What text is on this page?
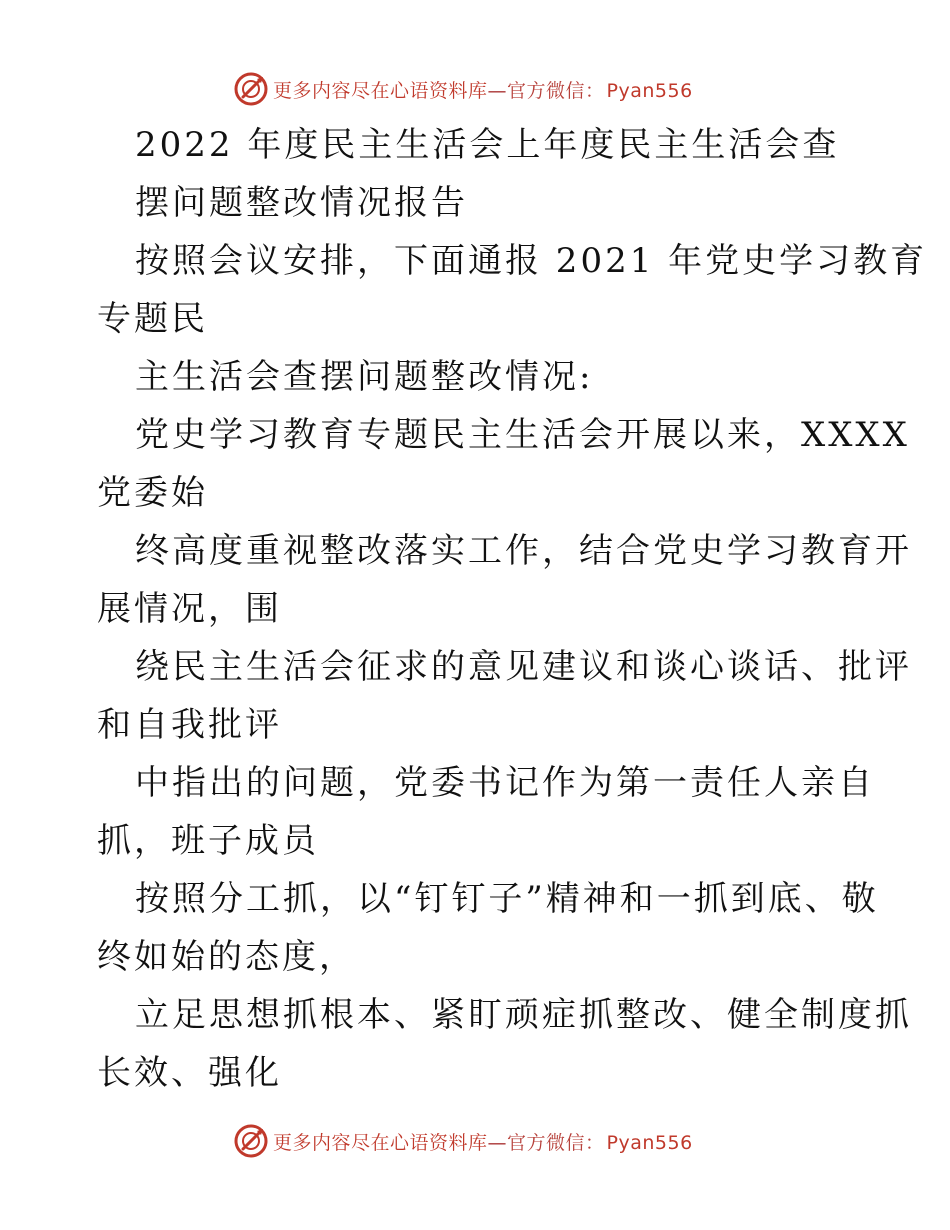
更多内容尽在心语资料库—官方微信： Pyan556
2022 年度民主生活会上年度民主生活会查
摆问题整改情况报告
按照会议安排，下面通报 2021 年党史学习教育
专题民
主生活会查摆问题整改情况:
党史学习教育专题民主生活会开展以来，XXXX
党委始
终高度重视整改落实工作，结合党史学习教育开
展情况，围
绕民主生活会征求的意见建议和谈心谈话、批评
和自我批评
中指出的问题，党委书记作为第一责任人亲自
抓，班子成员
按照分工抓，以“钉钉子”精神和一抓到底、敬
终如始的态度，
立足思想抓根本、紧盯顽症抓整改、健全制度抓
长效、强化
更多内容尽在心语资料库—官方微信： Pyan556
